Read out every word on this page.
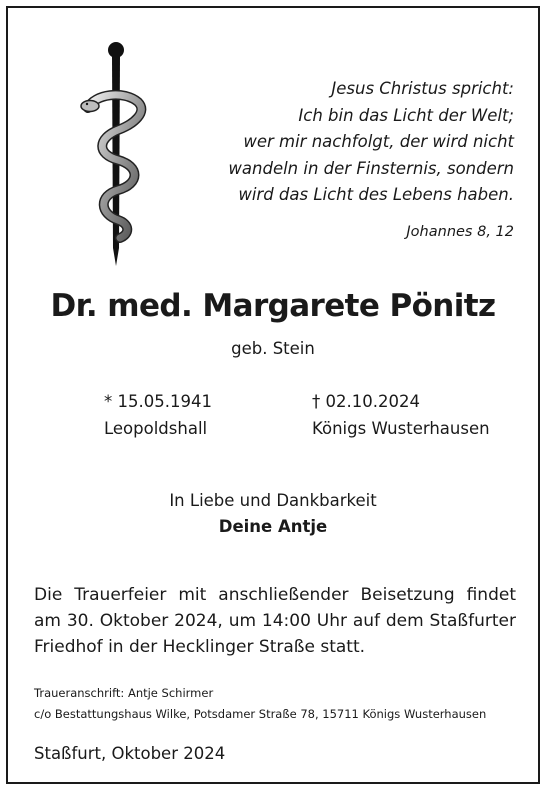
Jesus Christus spricht:
Ich bin das Licht der Welt;
wer mir nachfolgt, der wird nicht
wandeln in der Finsternis, sondern
wird das Licht des Lebens haben.
Johannes 8, 12
Dr. med. Margarete Pönitz
geb. Stein
* 15.05.1941
Leopoldshall
† 02.10.2024
Königs Wusterhausen
In Liebe und Dankbarkeit
Deine Antje
Die Trauerfeier mit anschließender Beisetzung findet
am 30. Oktober 2024, um 14:00 Uhr auf dem Staßfurter
Friedhof in der Hecklinger Straße statt.
Traueranschrift: Antje Schirmer
c/o Bestattungshaus Wilke, Potsdamer Straße 78, 15711 Königs Wusterhausen
Staßfurt, Oktober 2024
